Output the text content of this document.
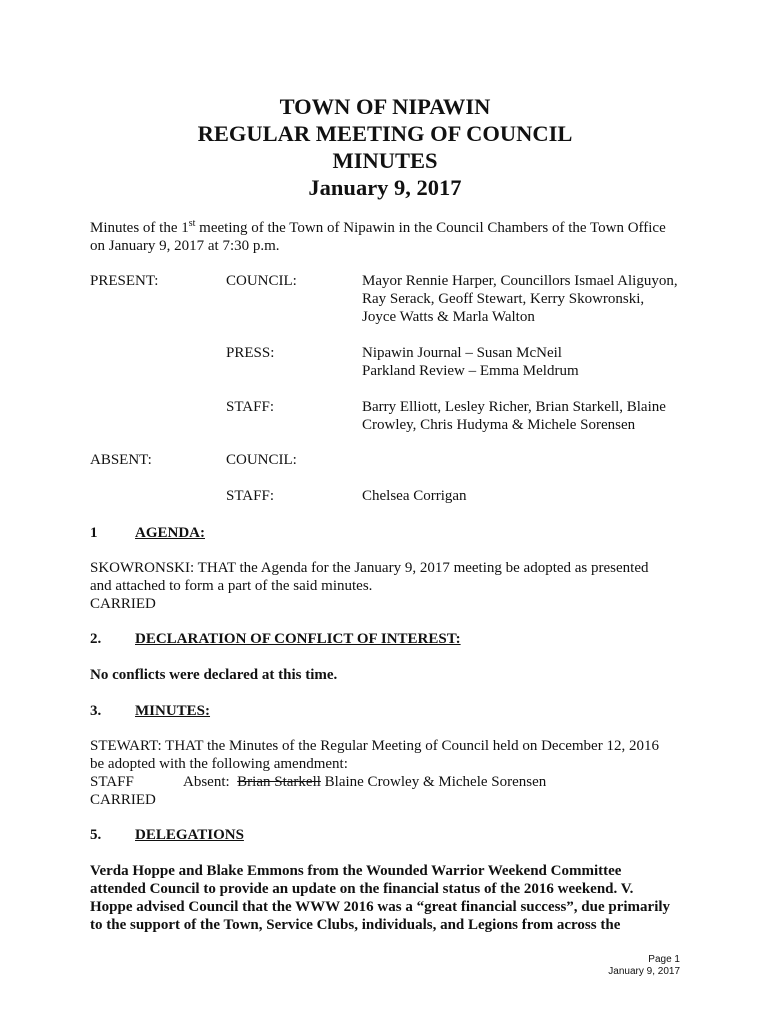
TOWN OF NIPAWIN
REGULAR MEETING OF COUNCIL
MINUTES
January 9, 2017
Minutes of the 1st meeting of the Town of Nipawin in the Council Chambers of the Town Office
on January 9, 2017 at 7:30 p.m.
PRESENT:	COUNCIL:	Mayor Rennie Harper, Councillors Ismael Aliguyon,
Ray Serack, Geoff Stewart, Kerry Skowronski,
Joyce Watts & Marla Walton
PRESS:	Nipawin Journal – Susan McNeil
Parkland Review – Emma Meldrum
STAFF:	Barry Elliott, Lesley Richer, Brian Starkell, Blaine
Crowley, Chris Hudyma & Michele Sorensen
ABSENT:	COUNCIL:
STAFF:	Chelsea Corrigan
1	AGENDA:
SKOWRONSKI: THAT the Agenda for the January 9, 2017 meeting be adopted as presented
and attached to form a part of the said minutes.
CARRIED
2. DECLARATION OF CONFLICT OF INTEREST:
No conflicts were declared at this time.
3. MINUTES:
STEWART: THAT the Minutes of the Regular Meeting of Council held on December 12, 2016
be adopted with the following amendment:
STAFF	Absent: Brian Starkell Blaine Crowley & Michele Sorensen
CARRIED
5. DELEGATIONS
Verda Hoppe and Blake Emmons from the Wounded Warrior Weekend Committee
attended Council to provide an update on the financial status of the 2016 weekend. V.
Hoppe advised Council that the WWW 2016 was a “great financial success”, due primarily
to the support of the Town, Service Clubs, individuals, and Legions from across the
Page 1
January 9, 2017
